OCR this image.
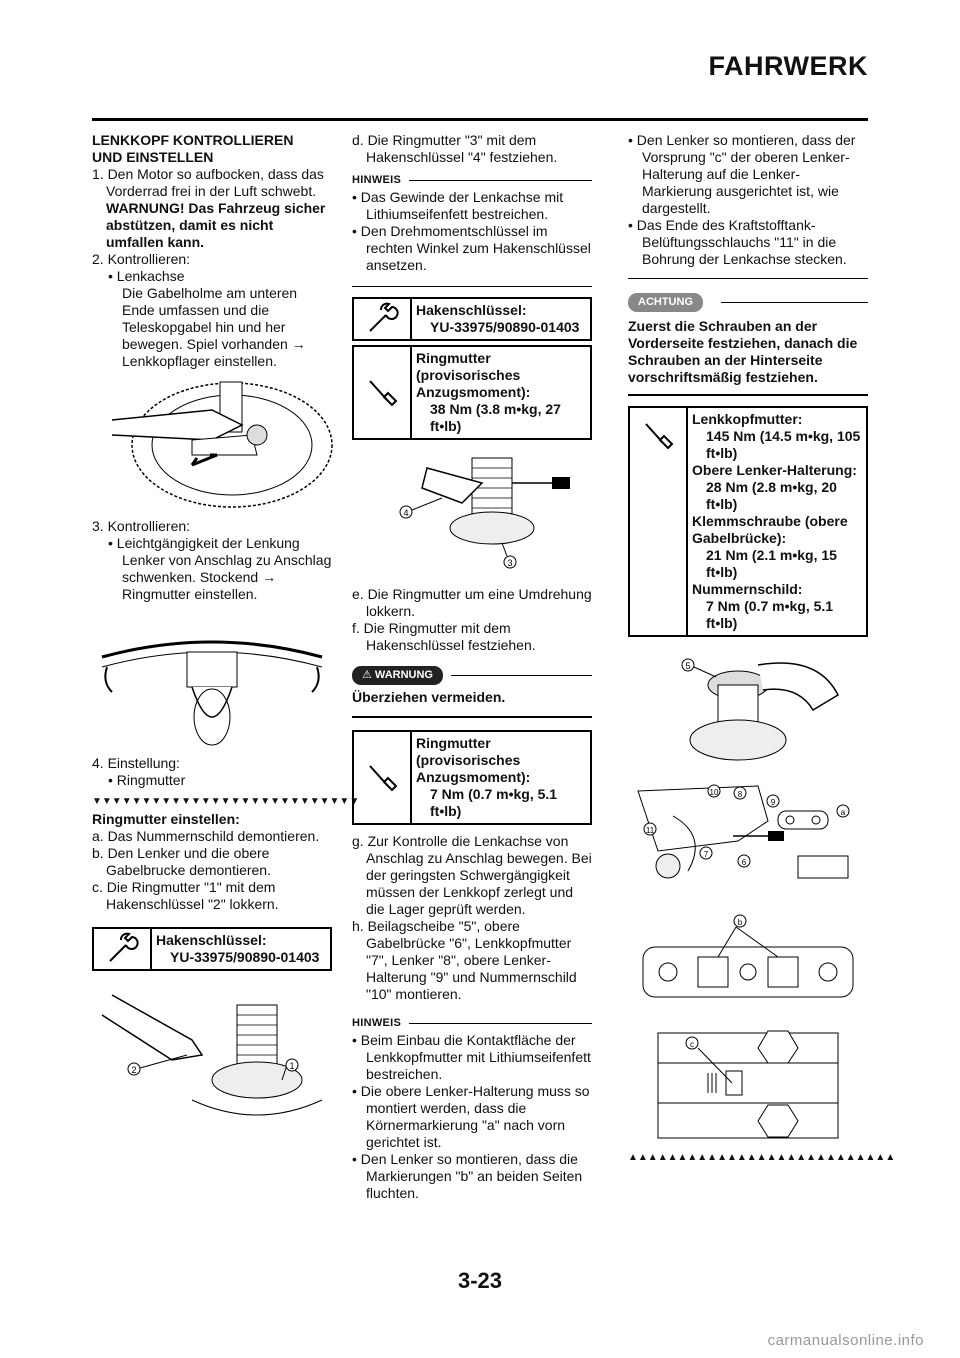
FAHRWERK
LENKKOPF KONTROLLIEREN
UND EINSTELLEN
1. Den Motor so aufbocken, dass das Vorderrad frei in der Luft schwebt. WARNUNG! Das Fahrzeug sicher abstützen, damit es nicht umfallen kann.
2. Kontrollieren:
• Lenkachse
Die Gabelholme am unteren Ende umfassen und die Teleskopgabel hin und her bewegen. Spiel vorhanden → Lenkkopflager einstellen.
3. Kontrollieren:
• Leichtgängigkeit der Lenkung
Lenker von Anschlag zu Anschlag schwenken. Stockend → Ringmutter einstellen.
4. Einstellung:
• Ringmutter
▼▼▼▼▼▼▼▼▼▼▼▼▼▼▼▼▼▼▼▼▼▼▼▼▼▼▼
Ringmutter einstellen:
a. Das Nummernschild demontieren.
b. Den Lenker und die obere Gabelbrucke demontieren.
c. Die Ringmutter "1" mit dem Hakenschlüssel "2" lokkern.
Hakenschlüssel:
YU-33975/90890-01403
2	1
d. Die Ringmutter "3" mit dem Hakenschlüssel "4" festziehen.
HINWEIS
• Das Gewinde der Lenkachse mit Lithiumseifenfett bestreichen.
• Den Drehmomentschlüssel im rechten Winkel zum Hakenschlüssel ansetzen.
Hakenschlüssel:
YU-33975/90890-01403
Ringmutter (provisorisches Anzugsmoment):
38 Nm (3.8 m•kg, 27 ft•lb)
4
3
e. Die Ringmutter um eine Umdrehung lokkern.
f. Die Ringmutter mit dem Hakenschlüssel festziehen.
⚠ WARNUNG
Überziehen vermeiden.
Ringmutter (provisorisches Anzugsmoment):
7 Nm (0.7 m•kg, 5.1 ft•lb)
g. Zur Kontrolle die Lenkachse von Anschlag zu Anschlag bewegen. Bei der geringsten Schwergängigkeit müssen der Lenkkopf zerlegt und die Lager geprüft werden.
h. Beilagscheibe "5", obere Gabelbrücke "6", Lenkkopfmutter "7", Lenker "8", obere Lenker-Halterung "9" und Nummernschild "10" montieren.
HINWEIS
• Beim Einbau die Kontaktfläche der Lenkkopfmutter mit Lithiumseifenfett bestreichen.
• Die obere Lenker-Halterung muss so montiert werden, dass die Körnermarkierung "a" nach vorn gerichtet ist.
• Den Lenker so montieren, dass die Markierungen "b" an beiden Seiten fluchten.
• Den Lenker so montieren, dass der Vorsprung "c" der oberen Lenker-Halterung auf die Lenker-Markierung ausgerichtet ist, wie dargestellt.
• Das Ende des Kraftstofftank-Belüftungsschlauchs "11" in die Bohrung der Lenkachse stecken.
ACHTUNG
Zuerst die Schrauben an der Vorderseite festziehen, danach die Schrauben an der Hinterseite vorschriftsmäßig festziehen.
Lenkkopfmutter:
145 Nm (14.5 m•kg, 105 ft•lb)
Obere Lenker-Halterung:
28 Nm (2.8 m•kg, 20 ft•lb)
Klemmschraube (obere Gabelbrücke):
21 Nm (2.1 m•kg, 15 ft•lb)
Nummernschild:
7 Nm (0.7 m•kg, 5.1 ft•lb)
5
10 8
9
a
11
7
6
b
c
▲▲▲▲▲▲▲▲▲▲▲▲▲▲▲▲▲▲▲▲▲▲▲▲▲▲▲
3-23
carmanualsonline.info
